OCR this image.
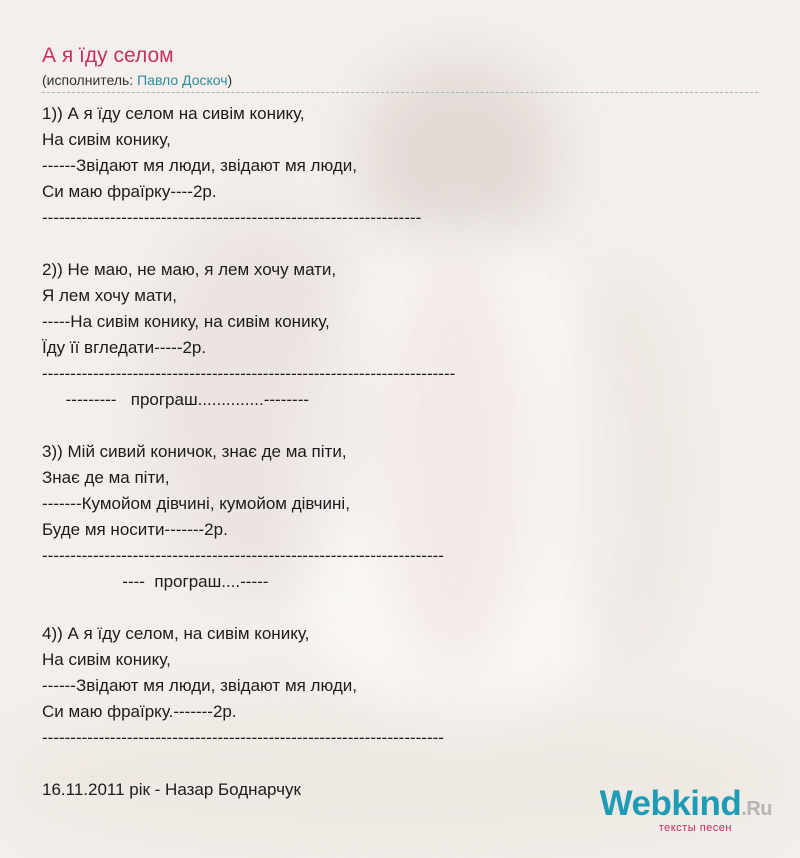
А я їду селом
(исполнитель: Павло Доскоч)
1)) А я їду селом на сивім конику,
На сивім конику,
------Звідают мя люди, звідают мя люди,
Си маю фраїрку----2р.
-------------------------------------------------------------------
2)) Не маю, не маю, я лем хочу мати,
Я лем хочу мати,
-----На сивім конику, на сивім конику,
Їду її вгледати-----2р.
-------------------------------------------------------------------------
---------   програш..............--------
3)) Мій сивий коничок, знає де ма піти,
Знає де ма піти,
-------Кумойом дівчині, кумойом дівчині,
Буде мя носити-------2р.
-----------------------------------------------------------------------
----  програш....-----
4)) А я їду селом, на сивім конику,
На сивім конику,
------Звідают мя люди, звідают мя люди,
Си маю фраїрку.-------2р.
-----------------------------------------------------------------------
16.11.2011 рік - Назар Боднарчук	Webkind.Ru
тексты песен
